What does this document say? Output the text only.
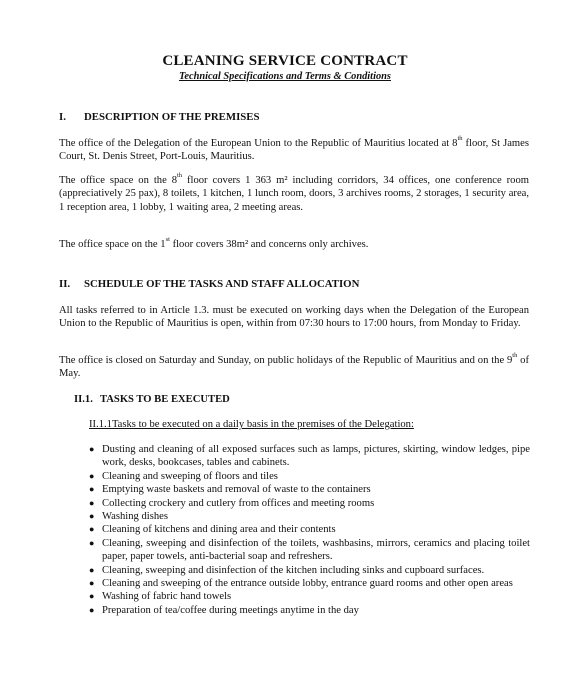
CLEANING SERVICE CONTRACT
Technical Specifications and Terms & Conditions
I. DESCRIPTION OF THE PREMISES
The office of the Delegation of the European Union to the Republic of Mauritius located at 8th floor, St James Court, St. Denis Street, Port-Louis, Mauritius.
The office space on the 8th floor covers 1 363 m² including corridors, 34 offices, one conference room (appreciatively 25 pax), 8 toilets, 1 kitchen, 1 lunch room, doors, 3 archives rooms, 2 storages, 1 security area, 1 reception area, 1 lobby, 1 waiting area, 2 meeting areas.
The office space on the 1st floor covers 38m² and concerns only archives.
II. SCHEDULE OF THE TASKS AND STAFF ALLOCATION
All tasks referred to in Article 1.3. must be executed on working days when the Delegation of the European Union to the Republic of Mauritius is open, within from 07:30 hours to 17:00 hours, from Monday to Friday.
The office is closed on Saturday and Sunday, on public holidays of the Republic of Mauritius and on the 9th of May.
II.1. TASKS TO BE EXECUTED
II.1.1Tasks to be executed on a daily basis in the premises of the Delegation:
● Dusting and cleaning of all exposed surfaces such as lamps, pictures, skirting, window ledges, pipe work, desks, bookcases, tables and cabinets.
● Cleaning and sweeping of floors and tiles
● Emptying waste baskets and removal of waste to the containers
● Collecting crockery and cutlery from offices and meeting rooms
● Washing dishes
● Cleaning of kitchens and dining area and their contents
● Cleaning, sweeping and disinfection of the toilets, washbasins, mirrors, ceramics and placing toilet paper, paper towels, anti-bacterial soap and refreshers.
● Cleaning, sweeping and disinfection of the kitchen including sinks and cupboard surfaces.
● Cleaning and sweeping of the entrance outside lobby, entrance guard rooms and other open areas
● Washing of fabric hand towels
● Preparation of tea/coffee during meetings anytime in the day
